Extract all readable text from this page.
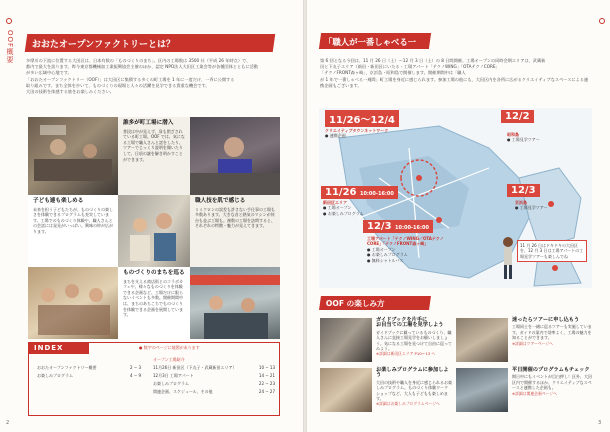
OOF概要	おおたオープンファクトリーとは？
多摩川の下流に位置する大田区は、日本有数の「ものづくりのまち」。区内の工場数は 3500 社（平成 26 年時点）で、
都内で最大を誇ります。昨今東京都機械加工業振興協会主催のほか、認定 NPO法人大田区工業会等が各種団体とともに活動
が多い広域中心地です。
「おおたオープンファクトリー（OOF）」は大田区に集積する多くの町工場を 1 年に一度だけ、一斉に公開する
取り組みです。まち全体を歩いて、ものづくりの現場と人々の活躍を見学できる貴重な機会です。
大田の技術を体感する旅をお楽しみください。
誰多が町工場に潜入
普段は中が見えず、扉も閉ざされている町工場。OOF では、気になる工場で職人さんと話をしたり、ツアーでじっくり説明を聞いたりして、日頃の謎を解き明かすことができます。
子ども連も楽しめる
未来を担う子どもたちが、ものづくりの楽しさを体験できるプログラムも充実しています。工場でのものづくり体験や、職人さんとの会話には発見がいっぱい。興味の枠が広がります。
職人技を肌で感じる
１ミクロンの誤差も許さない手仕事の工場も多数あります。大きな音と熱気のマシンが何台も並ぶ工場も。複数の工場を訪問すると、それぞれの特徴・魅力が見えてきます。
ものづくりのまちを巡る
まちを支える商店街とのコラボカフェや、様々なものづくりを体験できる企画など、工場だけに限らないイベントも多数。開催期間中は、まちのあちこちでものづくりを体験できる企画を展開しています。
INDEX	● 数字のページに地図があります
おおたオープンファクトリー概要	2 − 3
お楽しみプログラム	4 − 9
オープン工場紹介
11月26日 新田区（下丸子・武蔵新田エリア）	10 − 13
12月3日 工場アパート	14 − 21
お楽しみプログラム	22 − 23
関連企画、スケジュール、その他	24 − 27
2
「職人が一番しゃべる一週間」
第 6 回となる今回は、11 月 26 日（土）〜12 月 3 日（土）の 8 日間開催。工場オープンの同時会期エリアは、武蔵新
田と下丸子エリア（新田・新田区にいたる・工場アパート「テクノWING」「OTAテクノCORE」
「テクノFRONT森ヶ崎」、京浜島・昭和島で開催します。開催期間中は「職人
が 1 年で一番しゃべる一週間」町工場を身近に感じられます。参加工場の他にも、大田区内を各所に広がるクリエイティブなスペースによる連携企画もございます。
11/26〜12/4	12/2
11/26 10:00-16:00	12/3
12/3 10:00-16:00
クリエイティブタウンネットワーク
● 連携企画	昭和島
● 工場見学ツアー
新田区エリア
● 工場オープン
● お楽しみプログラム
京浜島
● 工場見学ツアー
工場アパート「テクノWING／OTAテクノCORE」「テクノFRONT森ヶ崎」
● 工場オープン
● お楽しみプログラム
● 無料シャトルバス
11 月 26 日はドキドキの大田区を、12 月 3 日は工場アパートの工場見学ツアーも楽しんでね
OOF の楽しみ方
ガイドブックを片手に
お目当ての工場を見学しよう
ガイドブックに載っているものづくり、職人さんに直接工場見学をお願いしましょう。気になる工場を見つけて自由に巡ってみよう。
※詳細は新田区エリア P10〜13 へ
迷ったらツアーに申し込もう
工場同士を一緒に巡るツアーも実施しています。ガイドの案内で効率よく、工場の魅力を知ることができます。
※詳細はツアーページへ
お楽しみプログラムに参加しよう
大田の技術や職人を身近に感じられるお楽しみプログラム。ものづくり体験ワークショップなど、大人も子どもも楽しめます。
※詳細はお楽しみプログラムページへ
平日開催のプログラムもチェック
期日中にもイベントが目白押し！区外、大田区内で開催するほか、クリエイティブなスペースと連携した企画も。
※詳細は関連企画ページへ
3
